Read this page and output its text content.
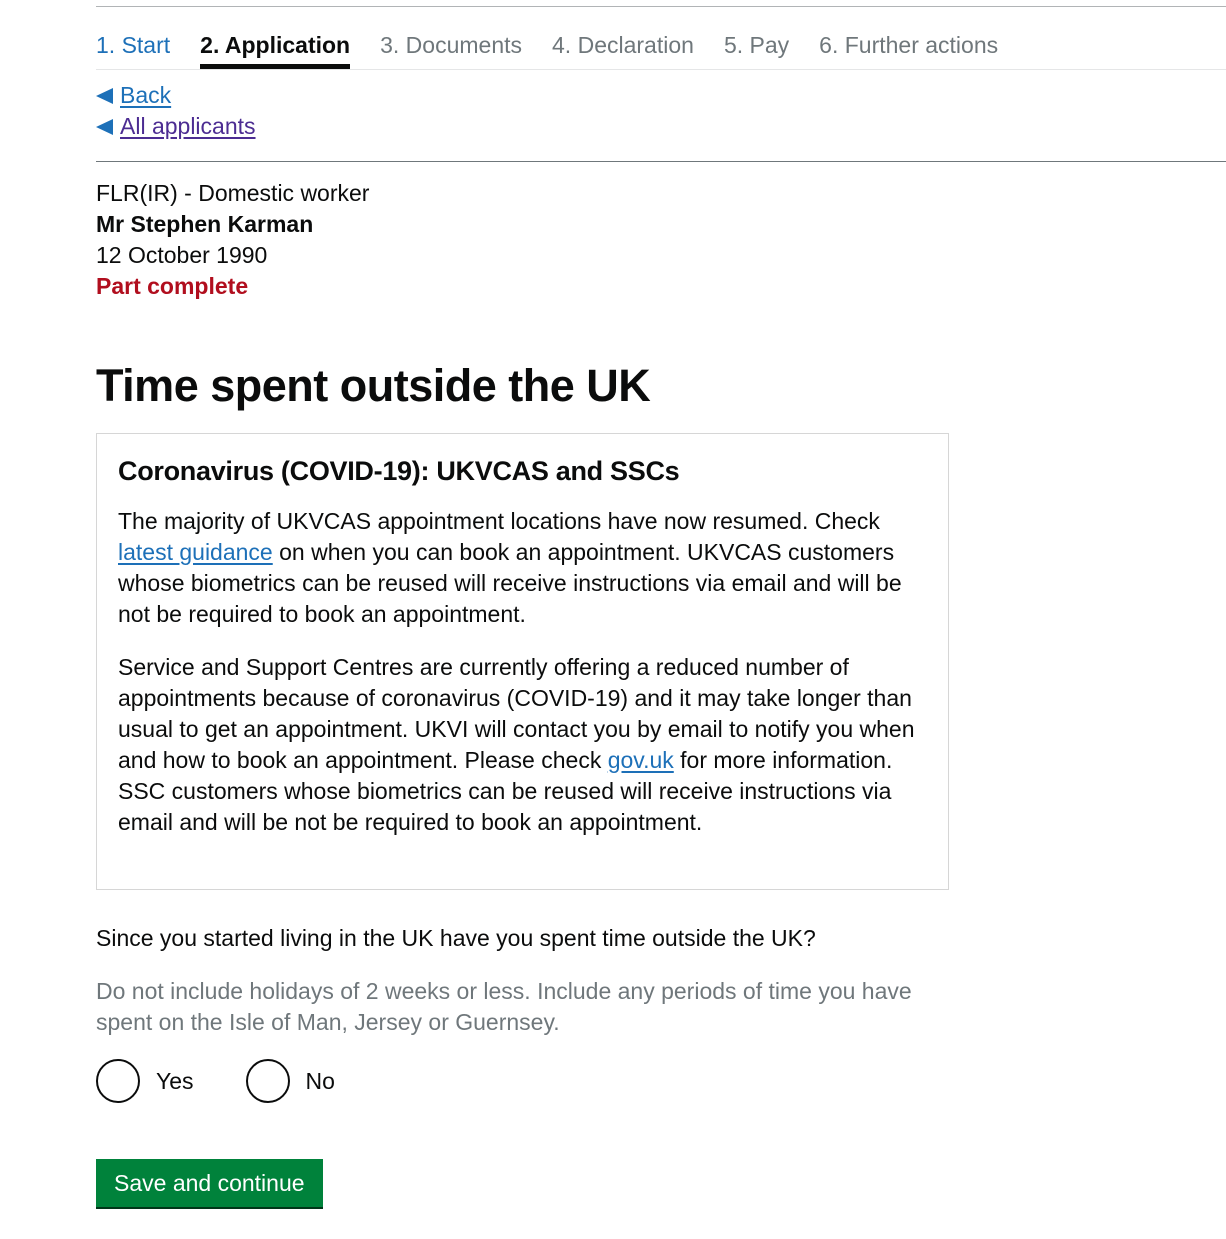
1. Start 2. Application 3. Documents 4. Declaration 5. Pay 6. Further actions
Back
All applicants
FLR(IR) - Domestic worker
Mr Stephen Karman
12 October 1990
Part complete
Time spent outside the UK
Coronavirus (COVID-19): UKVCAS and SSCs

The majority of UKVCAS appointment locations have now resumed. Check latest guidance on when you can book an appointment. UKVCAS customers whose biometrics can be reused will receive instructions via email and will be not be required to book an appointment.

Service and Support Centres are currently offering a reduced number of appointments because of coronavirus (COVID-19) and it may take longer than usual to get an appointment. UKVI will contact you by email to notify you when and how to book an appointment. Please check gov.uk for more information. SSC customers whose biometrics can be reused will receive instructions via email and will be not be required to book an appointment.

Since you started living in the UK have you spent time outside the UK?

Do not include holidays of 2 weeks or less. Include any periods of time you have spent on the Isle of Man, Jersey or Guernsey.

Yes	No
Save and continue
